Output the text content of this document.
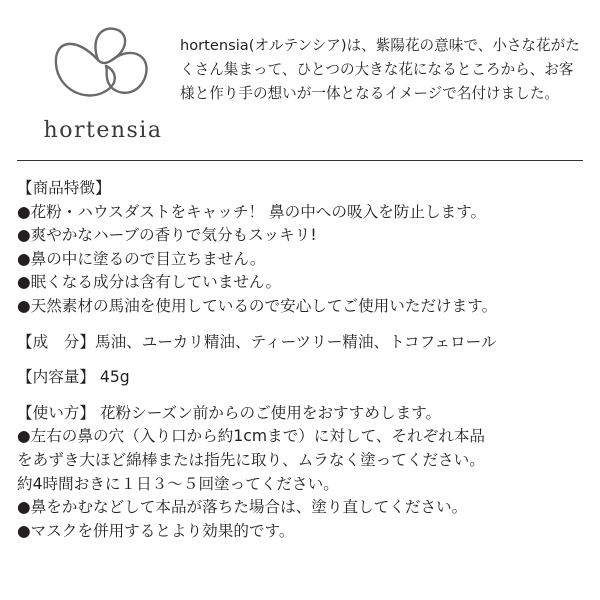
hortensia

hortensia(オルテンシア)は、紫陽花の意味で、小さな花がたくさん集まって、ひとつの大きな花になるところから、お客様と作り手の想いが一体となるイメージで名付けました。

【商品特徴】

●花粉・ハウスダストをキャッチ！ 鼻の中への吸入を防止します。

●爽やかなハーブの香りで気分もスッキリ!

●鼻の中に塗るので目立ちません。

●眠くなる成分は含有していません。

●天然素材の馬油を使用しているので安心してご使用いただけます。

【成　分】馬油、ユーカリ精油、ティーツリー精油、トコフェロール

【内容量】 45g

【使い方】 花粉シーズン前からのご使用をおすすめします。

●左右の鼻の穴（入り口から約1cmまで）に対して、それぞれ本品

をあずき大ほど綿棒または指先に取り、ムラなく塗ってください。

約4時間おきに１日３～５回塗ってください。

●鼻をかむなどして本品が落ちた場合は、塗り直してください。

●マスクを併用するとより効果的です。
